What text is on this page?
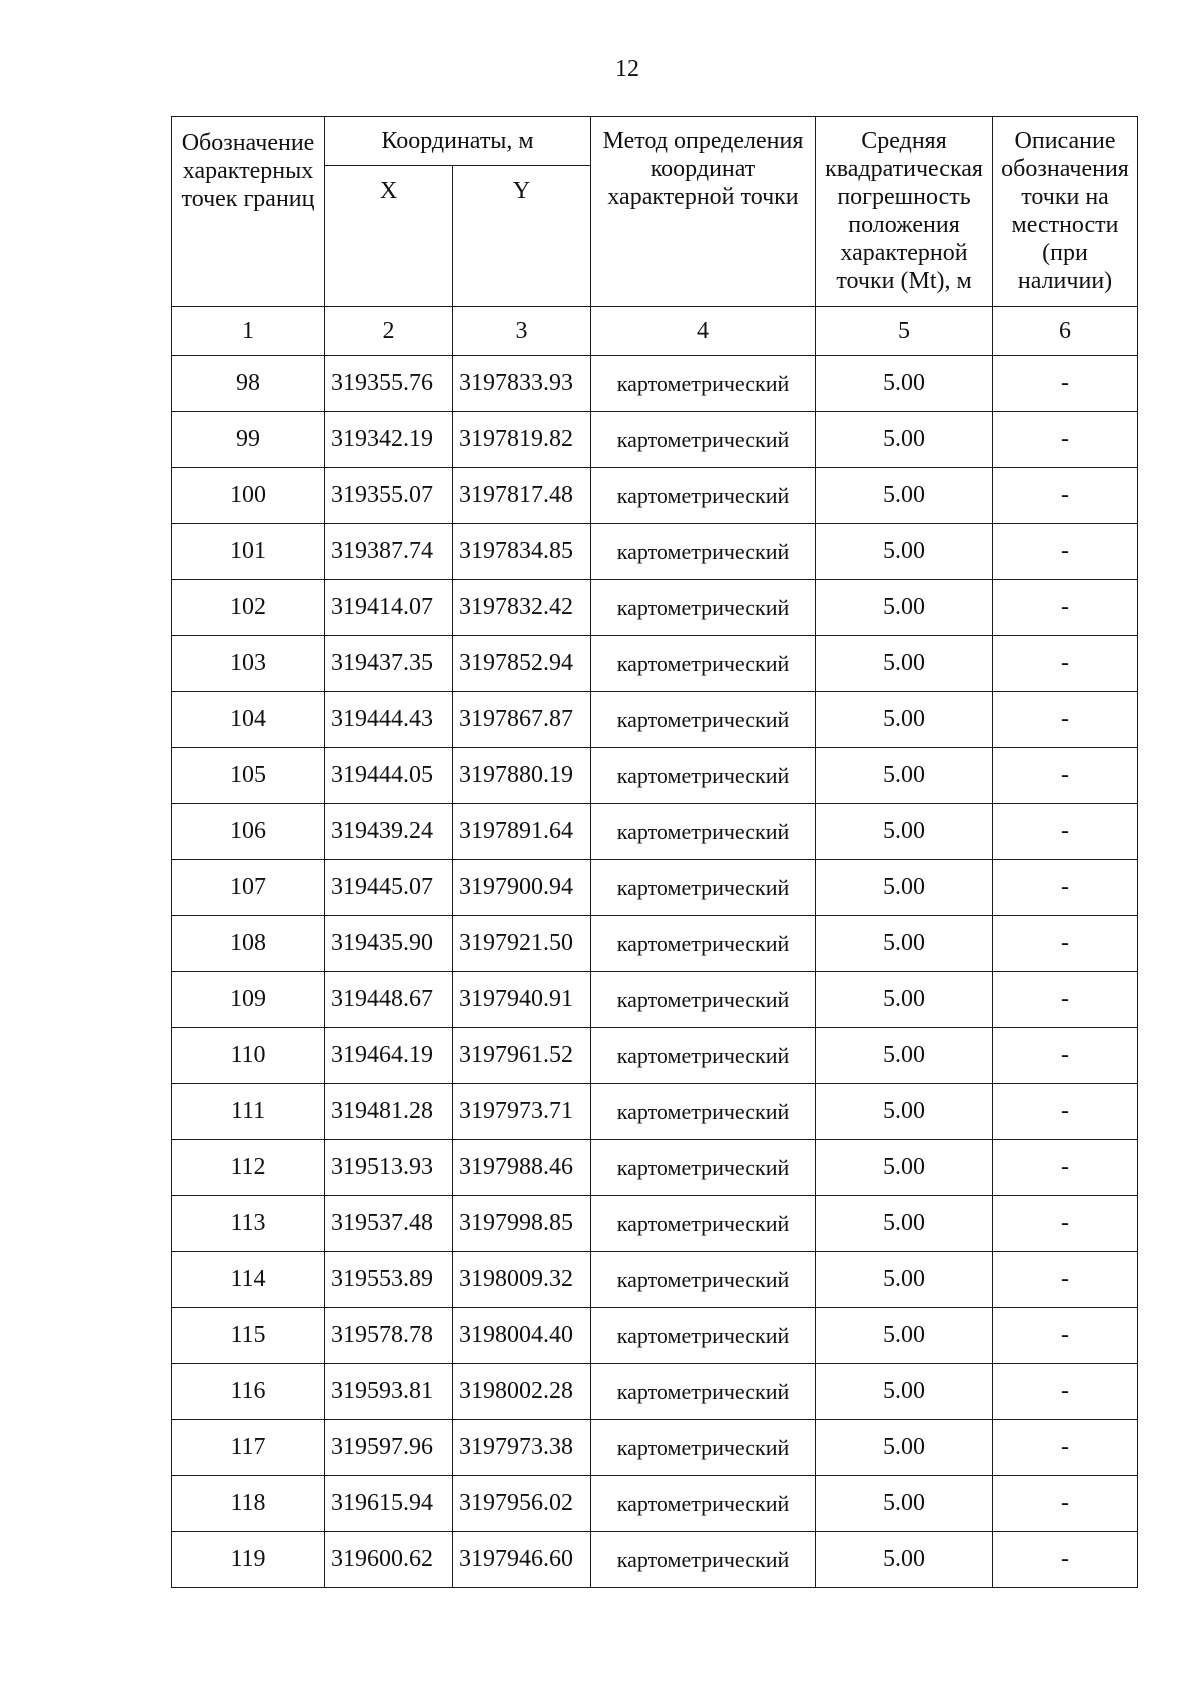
12
Обозначение характерных точек границ	Координаты, м		Метод определения координат характерной точки	Средняя квадратическая погрешность положения характерной точки (Mt), м	Описание обозначения точки на местности (при наличии)
	X	Y			
1	2	3	4	5	6
98	319355.76	3197833.93	картометрический	5.00	-
99	319342.19	3197819.82	картометрический	5.00	-
100	319355.07	3197817.48	картометрический	5.00	-
101	319387.74	3197834.85	картометрический	5.00	-
102	319414.07	3197832.42	картометрический	5.00	-
103	319437.35	3197852.94	картометрический	5.00	-
104	319444.43	3197867.87	картометрический	5.00	-
105	319444.05	3197880.19	картометрический	5.00	-
106	319439.24	3197891.64	картометрический	5.00	-
107	319445.07	3197900.94	картометрический	5.00	-
108	319435.90	3197921.50	картометрический	5.00	-
109	319448.67	3197940.91	картометрический	5.00	-
110	319464.19	3197961.52	картометрический	5.00	-
111	319481.28	3197973.71	картометрический	5.00	-
112	319513.93	3197988.46	картометрический	5.00	-
113	319537.48	3197998.85	картометрический	5.00	-
114	319553.89	3198009.32	картометрический	5.00	-
115	319578.78	3198004.40	картометрический	5.00	-
116	319593.81	3198002.28	картометрический	5.00	-
117	319597.96	3197973.38	картометрический	5.00	-
118	319615.94	3197956.02	картометрический	5.00	-
119	319600.62	3197946.60	картометрический	5.00	-
